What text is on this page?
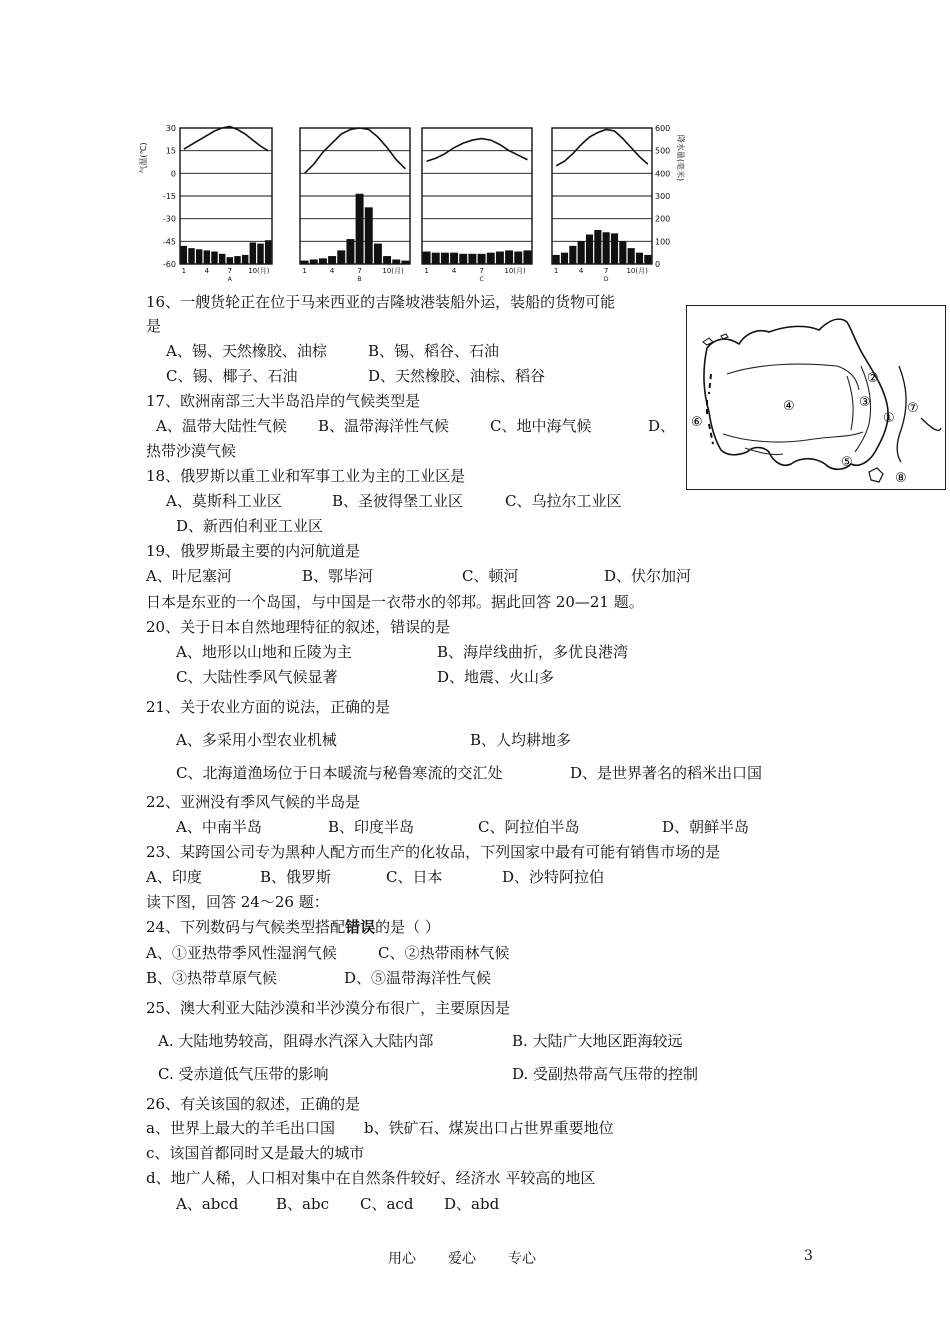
气温(℃)
30
15
0
-15
-30
-45
-60
600
500
400
300
200
100
0
降水量(毫米)
1	4	7 10(月)
A
1	4	7	10(月)
B
1	4	7	10(月)
C
1	4	7	10(月)
D
16、一艘货轮正在位于马来西亚的吉隆坡港装船外运，装船的货物可能
是
A、锡、天然橡胶、油棕	B、锡、稻谷、石油
C、锡、椰子、石油	D、天然橡胶、油棕、稻谷
17、欧洲南部三大半岛沿岸的气候类型是
A、温带大陆性气候 B、温带海洋性气候	C、地中海气候	D、
热带沙漠气候
18、俄罗斯以重工业和军事工业为主的工业区是
A、莫斯科工业区	B、圣彼得堡工业区	C、乌拉尔工业区
D、新西伯利亚工业区
19、俄罗斯最主要的内河航道是
A、叶尼塞河	B、鄂毕河	C、顿河	D、伏尔加河
日本是东亚的一个岛国，与中国是一衣带水的邻邦。据此回答 20—21 题。
20、关于日本自然地理特征的叙述，错误的是
A、地形以山地和丘陵为主	B、海岸线曲折，多优良港湾
C、大陆性季风气候显著	D、地震、火山多
21、关于农业方面的说法，正确的是
A、多采用小型农业机械	B、人均耕地多
C、北海道渔场位于日本暖流与秘鲁寒流的交汇处	D、是世界著名的稻米出口国
22、亚洲没有季风气候的半岛是
A、中南半岛	B、印度半岛	C、阿拉伯半岛	D、朝鲜半岛
23、某跨国公司专为黑种人配方而生产的化妆品，下列国家中最有可能有销售市场的是
A、印度	B、俄罗斯	C、日本	D、沙特阿拉伯
读下图，回答 24～26 题：
24、下列数码与气候类型搭配错误的是（ ）
A、①亚热带季风性湿润气候	C、②热带雨林气候
B、③热带草原气候	D、⑤温带海洋性气候
25、澳大利亚大陆沙漠和半沙漠分布很广，主要原因是
A. 大陆地势较高，阻碍水汽深入大陆内部	B. 大陆广大地区距海较远
C. 受赤道低气压带的影响	D. 受副热带高气压带的控制
26、有关该国的叙述，正确的是
a、世界上最大的羊毛出口国 b、铁矿石、煤炭出口占世界重要地位
c、该国首都同时又是最大的城市
d、地广人稀，人口相对集中在自然条件较好、经济水 平较高的地区
A、abcd	B、abc C、acd D、abd
①
②
③
④
⑤
⑥
⑦
⑧
用心 爱心 专心	3
